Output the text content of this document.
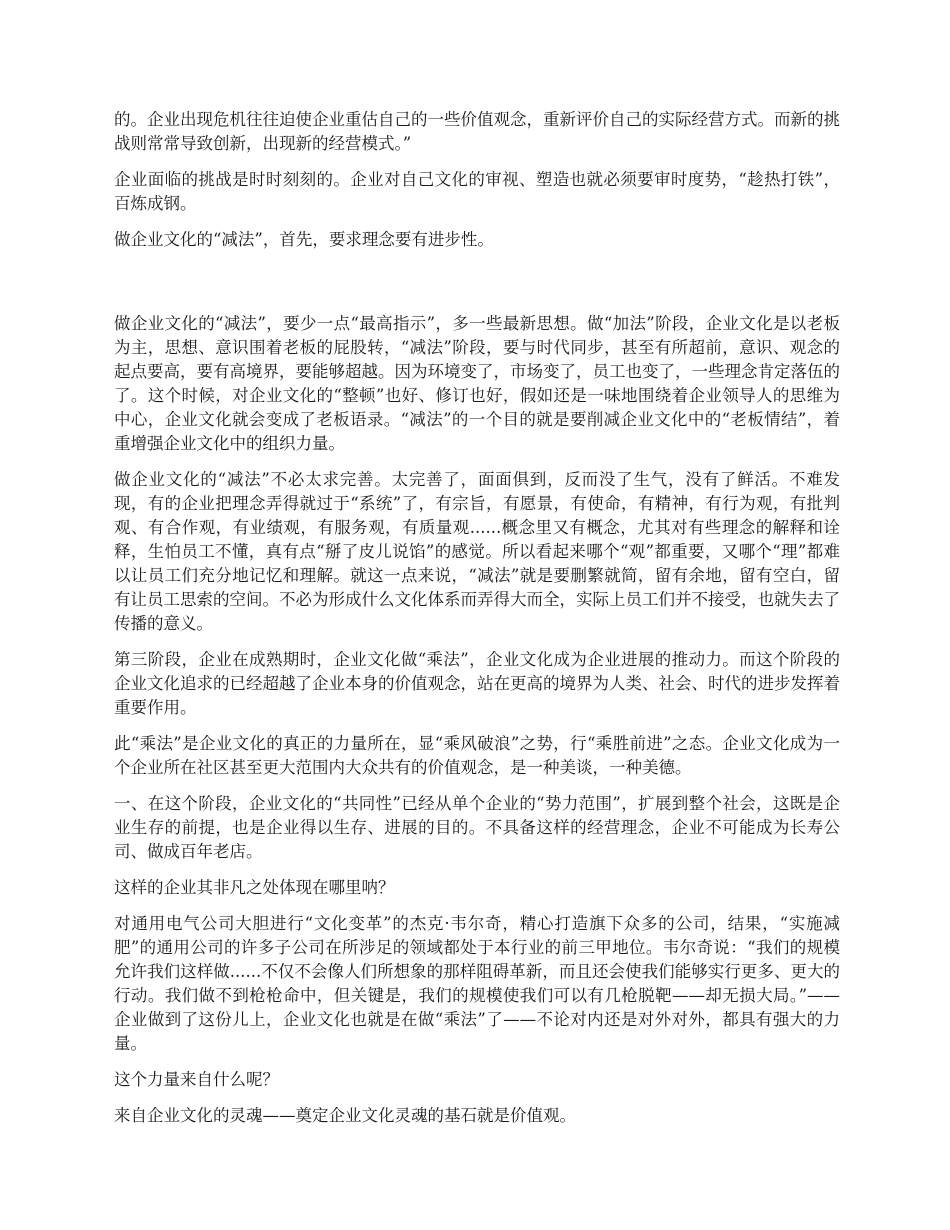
的。企业出现危机往往迫使企业重估自己的一些价值观念，重新评价自己的实际经营方式。而新的挑战则常常导致创新，出现新的经营模式。”

企业面临的挑战是时时刻刻的。企业对自己文化的审视、塑造也就必须要审时度势，“趁热打铁”，百炼成钢。

做企业文化的“减法”，首先，要求理念要有进步性。

做企业文化的“减法”，要少一点“最高指示”，多一些最新思想。做“加法”阶段，企业文化是以老板为主，思想、意识围着老板的屁股转，“减法”阶段，要与时代同步，甚至有所超前，意识、观念的起点要高，要有高境界，要能够超越。因为环境变了，市场变了，员工也变了，一些理念肯定落伍的了。这个时候，对企业文化的“整顿”也好、修订也好，假如还是一味地围绕着企业领导人的思维为中心，企业文化就会变成了老板语录。“减法”的一个目的就是要削减企业文化中的“老板情结”，着重增强企业文化中的组织力量。

做企业文化的“减法”不必太求完善。太完善了，面面俱到，反而没了生气，没有了鲜活。不难发现，有的企业把理念弄得就过于“系统”了，有宗旨，有愿景，有使命，有精神，有行为观，有批判观、有合作观，有业绩观，有服务观，有质量观......概念里又有概念，尤其对有些理念的解释和诠释，生怕员工不懂，真有点“掰了皮儿说馅”的感觉。所以看起来哪个“观”都重要，又哪个“理”都难以让员工们充分地记忆和理解。就这一点来说，“减法”就是要删繁就简，留有余地，留有空白，留有让员工思索的空间。不必为形成什么文化体系而弄得大而全，实际上员工们并不接受，也就失去了传播的意义。

第三阶段，企业在成熟期时，企业文化做“乘法”，企业文化成为企业进展的推动力。而这个阶段的企业文化追求的已经超越了企业本身的价值观念，站在更高的境界为人类、社会、时代的进步发挥着重要作用。

此“乘法”是企业文化的真正的力量所在，显“乘风破浪”之势，行“乘胜前进”之态。企业文化成为一个企业所在社区甚至更大范围内大众共有的价值观念，是一种美谈，一种美德。

一、在这个阶段，企业文化的“共同性”已经从单个企业的“势力范围”，扩展到整个社会，这既是企业生存的前提，也是企业得以生存、进展的目的。不具备这样的经营理念，企业不可能成为长寿公司、做成百年老店。

这样的企业其非凡之处体现在哪里呐？

对通用电气公司大胆进行“文化变革”的杰克·韦尔奇，精心打造旗下众多的公司，结果，“实施减肥”的通用公司的许多子公司在所涉足的领域都处于本行业的前三甲地位。韦尔奇说：“我们的规模允许我们这样做......不仅不会像人们所想象的那样阻碍革新，而且还会使我们能够实行更多、更大的行动。我们做不到枪枪命中，但关键是，我们的规模使我们可以有几枪脱靶——却无损大局。”——企业做到了这份儿上，企业文化也就是在做“乘法”了——不论对内还是对外对外，都具有强大的力量。

这个力量来自什么呢？

来自企业文化的灵魂——奠定企业文化灵魂的基石就是价值观。
